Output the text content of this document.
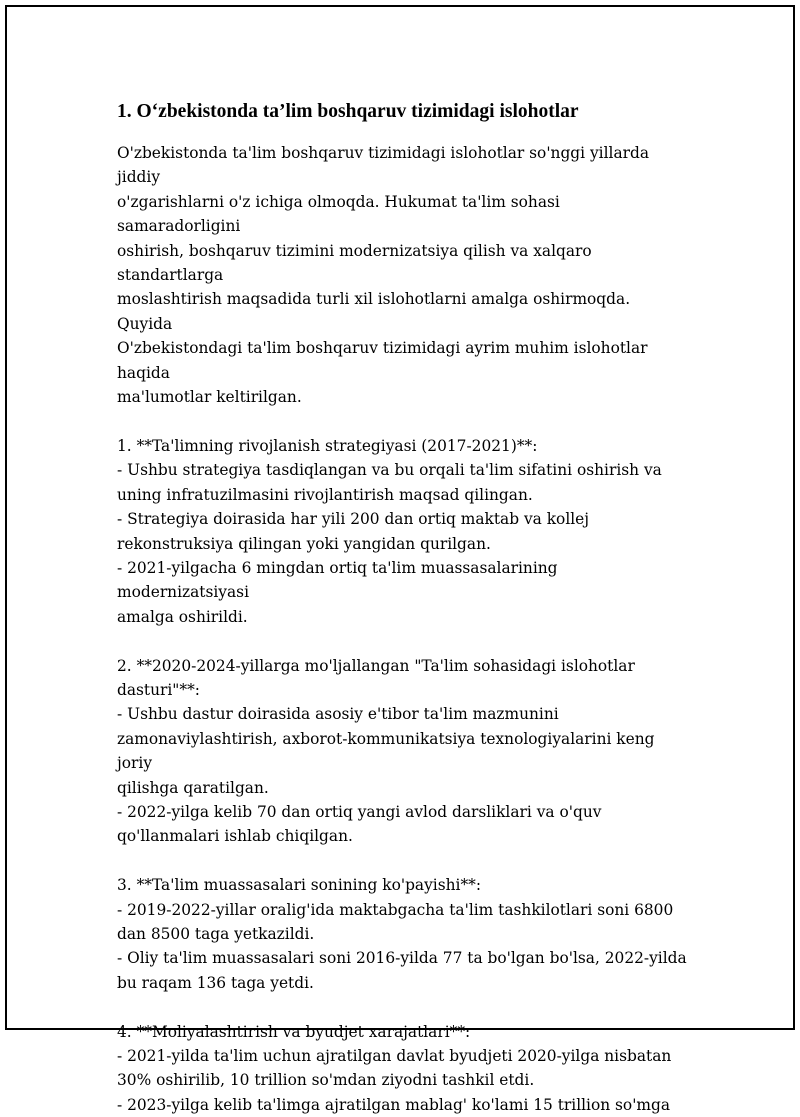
1. O‘zbekistonda ta’lim boshqaruv tizimidagi islohotlar

O'zbekistonda ta'lim boshqaruv tizimidagi islohotlar so'nggi yillarda jiddiy
o'zgarishlarni o'z ichiga olmoqda. Hukumat ta'lim sohasi samaradorligini
oshirish, boshqaruv tizimini modernizatsiya qilish va xalqaro standartlarga
moslashtirish maqsadida turli xil islohotlarni amalga oshirmoqda. Quyida
O'zbekistondagi ta'lim boshqaruv tizimidagi ayrim muhim islohotlar haqida
ma'lumotlar keltirilgan.

1. **Ta'limning rivojlanish strategiyasi (2017-2021)**:
- Ushbu strategiya tasdiqlangan va bu orqali ta'lim sifatini oshirish va
uning infratuzilmasini rivojlantirish maqsad qilingan.
- Strategiya doirasida har yili 200 dan ortiq maktab va kollej
rekonstruksiya qilingan yoki yangidan qurilgan.
- 2021-yilgacha 6 mingdan ortiq ta'lim muassasalarining modernizatsiyasi
amalga oshirildi.

2. **2020-2024-yillarga mo'ljallangan "Ta'lim sohasidagi islohotlar
dasturi"**:
- Ushbu dastur doirasida asosiy e'tibor ta'lim mazmunini
zamonaviylashtirish, axborot-kommunikatsiya texnologiyalarini keng joriy
qilishga qaratilgan.
- 2022-yilga kelib 70 dan ortiq yangi avlod darsliklari va o'quv
qo'llanmalari ishlab chiqilgan.

3. **Ta'lim muassasalari sonining ko'payishi**:
- 2019-2022-yillar oralig'ida maktabgacha ta'lim tashkilotlari soni 6800
dan 8500 taga yetkazildi.
- Oliy ta'lim muassasalari soni 2016-yilda 77 ta bo'lgan bo'lsa, 2022-yilda
bu raqam 136 taga yetdi.

4. **Moliyalashtirish va byudjet xarajatlari**:
- 2021-yilda ta'lim uchun ajratilgan davlat byudjeti 2020-yilga nisbatan
30% oshirilib, 10 trillion so'mdan ziyodni tashkil etdi.
- 2023-yilga kelib ta'limga ajratilgan mablag' ko'lami 15 trillion so'mga
